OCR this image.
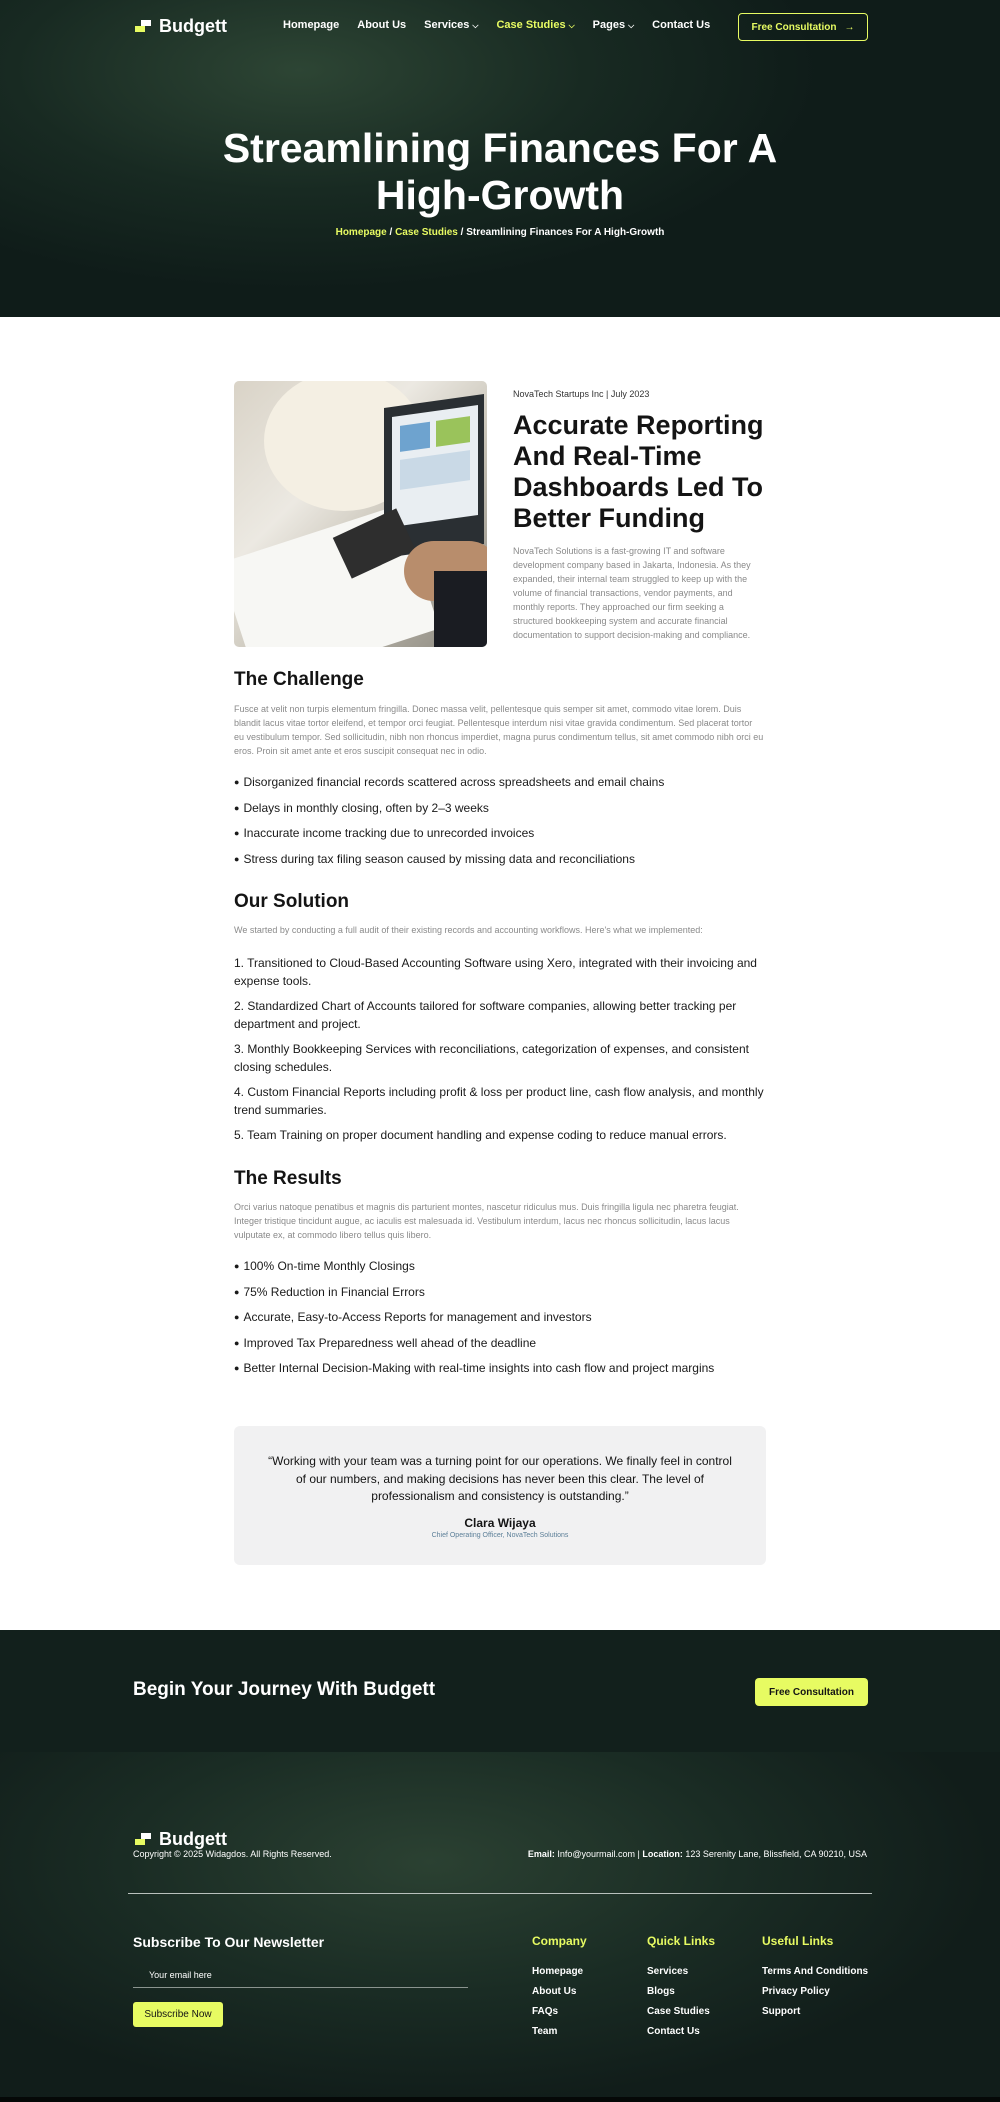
Budgett	Homepage About Us Services ⌵ Case Studies ⌵ Pages ⌵ Contact Us	Free Consultation →
Streamlining Finances For A High-Growth
Homepage / Case Studies / Streamlining Finances For A High-Growth
NovaTech Startups Inc | July 2023
Accurate Reporting And Real-Time Dashboards Led To Better Funding

NovaTech Solutions is a fast-growing IT and software development company based in Jakarta, Indonesia. As they expanded, their internal team struggled to keep up with the volume of financial transactions, vendor payments, and monthly reports. They approached our firm seeking a structured bookkeeping system and accurate financial documentation to support decision-making and compliance.

The Challenge

Fusce at velit non turpis elementum fringilla. Donec massa velit, pellentesque quis semper sit amet, commodo vitae lorem. Duis blandit lacus vitae tortor eleifend, et tempor orci feugiat. Pellentesque interdum nisi vitae gravida condimentum. Sed placerat tortor eu vestibulum tempor. Sed sollicitudin, nibh non rhoncus imperdiet, magna purus condimentum tellus, sit amet commodo nibh orci eu eros. Proin sit amet ante et eros suscipit consequat nec in odio.

● Disorganized financial records scattered across spreadsheets and email chains
● Delays in monthly closing, often by 2–3 weeks
● Inaccurate income tracking due to unrecorded invoices
● Stress during tax filing season caused by missing data and reconciliations
Our Solution

We started by conducting a full audit of their existing records and accounting workflows. Here's what we implemented:

1. Transitioned to Cloud-Based Accounting Software using Xero, integrated with their invoicing and expense tools.
2. Standardized Chart of Accounts tailored for software companies, allowing better tracking per department and project.
3. Monthly Bookkeeping Services with reconciliations, categorization of expenses, and consistent closing schedules.
4. Custom Financial Reports including profit & loss per product line, cash flow analysis, and monthly trend summaries.
5. Team Training on proper document handling and expense coding to reduce manual errors.
The Results

Orci varius natoque penatibus et magnis dis parturient montes, nascetur ridiculus mus. Duis fringilla ligula nec pharetra feugiat. Integer tristique tincidunt augue, ac iaculis est malesuada id. Vestibulum interdum, lacus nec rhoncus sollicitudin, lacus lacus vulputate ex, at commodo libero tellus quis libero.

● 100% On-time Monthly Closings
● 75% Reduction in Financial Errors
● Accurate, Easy-to-Access Reports for management and investors
● Improved Tax Preparedness well ahead of the deadline
● Better Internal Decision-Making with real-time insights into cash flow and project margins

“Working with your team was a turning point for our operations. We finally feel in control of our numbers, and making decisions has never been this clear. The level of professionalism and consistency is outstanding.”

Clara Wijaya
Chief Operating Officer, NovaTech Solutions
Begin Your Journey With Budgett	Free Consultation
Budgett
Copyright © 2025 Widagdos. All Rights Reserved.	Email: Info@yourmail.com | Location: 123 Serenity Lane, Blissfield, CA 90210, USA
Subscribe To Our Newsletter
Your email here
Subscribe Now
Company
Homepage
About Us
FAQs
Team
Quick Links
Services
Blogs
Case Studies
Contact Us
Useful Links
Terms And Conditions
Privacy Policy
Support
